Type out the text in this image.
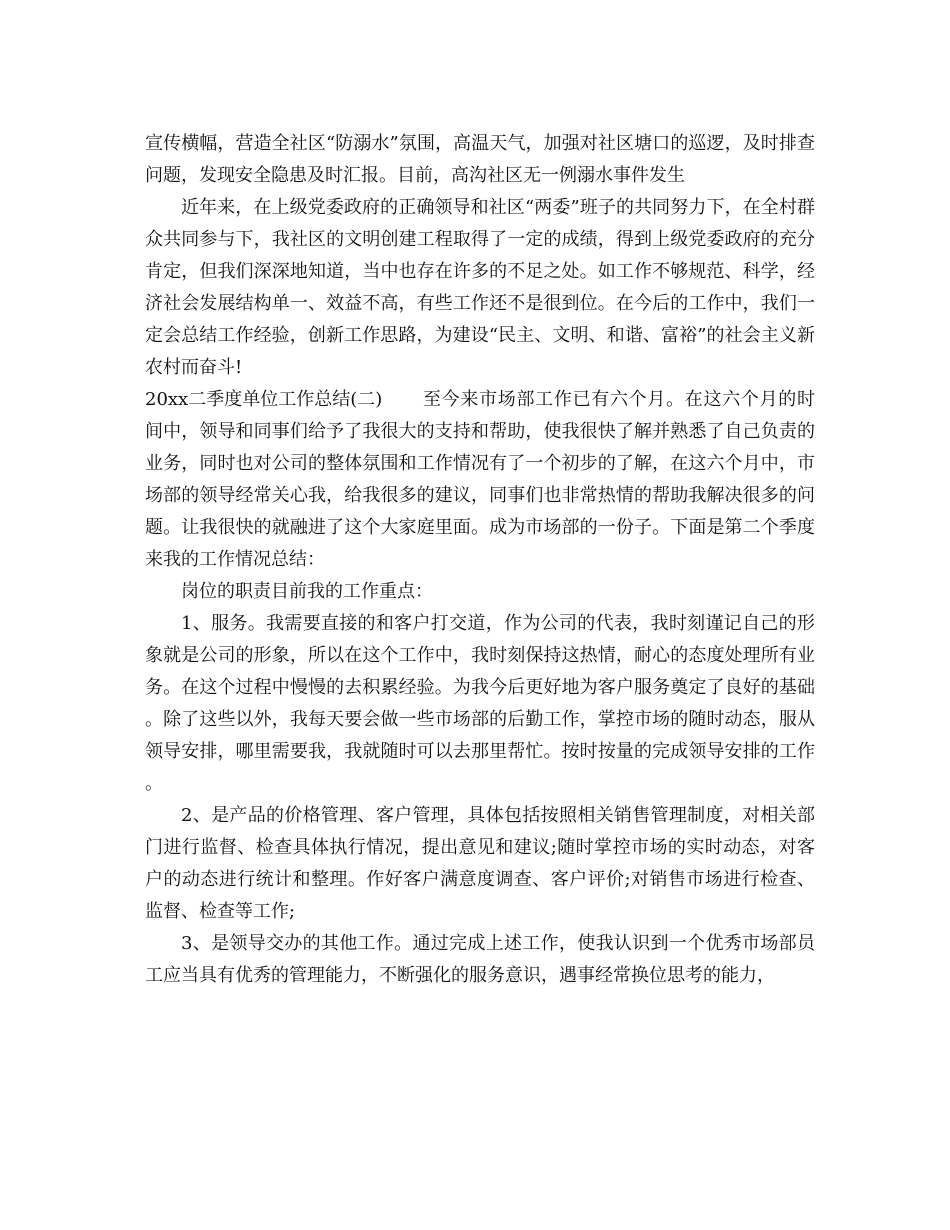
宣传横幅，营造全社区“防溺水”氛围，高温天气，加强对社区塘口的巡逻，及时排查问题，发现安全隐患及时汇报。目前，高沟社区无一例溺水事件发生

近年来，在上级党委政府的正确领导和社区“两委”班子的共同努力下，在全村群众共同参与下，我社区的文明创建工程取得了一定的成绩，得到上级党委政府的充分肯定，但我们深深地知道，当中也存在许多的不足之处。如工作不够规范、科学，经济社会发展结构单一、效益不高，有些工作还不是很到位。在今后的工作中，我们一定会总结工作经验，创新工作思路，为建设“民主、文明、和谐、富裕”的社会主义新农村而奋斗!

20xx二季度单位工作总结(二) 至今来市场部工作已有六个月。在这六个月的时间中，领导和同事们给予了我很大的支持和帮助，使我很快了解并熟悉了自己负责的业务，同时也对公司的整体氛围和工作情况有了一个初步的了解，在这六个月中，市场部的领导经常关心我，给我很多的建议，同事们也非常热情的帮助我解决很多的问题。让我很快的就融进了这个大家庭里面。成为市场部的一份子。下面是第二个季度来我的工作情况总结：

岗位的职责目前我的工作重点：

1、服务。我需要直接的和客户打交道，作为公司的代表，我时刻谨记自己的形象就是公司的形象，所以在这个工作中，我时刻保持这热情，耐心的态度处理所有业务。在这个过程中慢慢的去积累经验。为我今后更好地为客户服务奠定了良好的基础。除了这些以外，我每天要会做一些市场部的后勤工作，掌控市场的随时动态，服从领导安排，哪里需要我，我就随时可以去那里帮忙。按时按量的完成领导安排的工作。

2、是产品的价格管理、客户管理，具体包括按照相关销售管理制度，对相关部门进行监督、检查具体执行情况，提出意见和建议;随时掌控市场的实时动态，对客户的动态进行统计和整理。作好客户满意度调查、客户评价;对销售市场进行检查、监督、检查等工作;

3、是领导交办的其他工作。通过完成上述工作，使我认识到一个优秀市场部员工应当具有优秀的管理能力，不断强化的服务意识，遇事经常换位思考的能力，
